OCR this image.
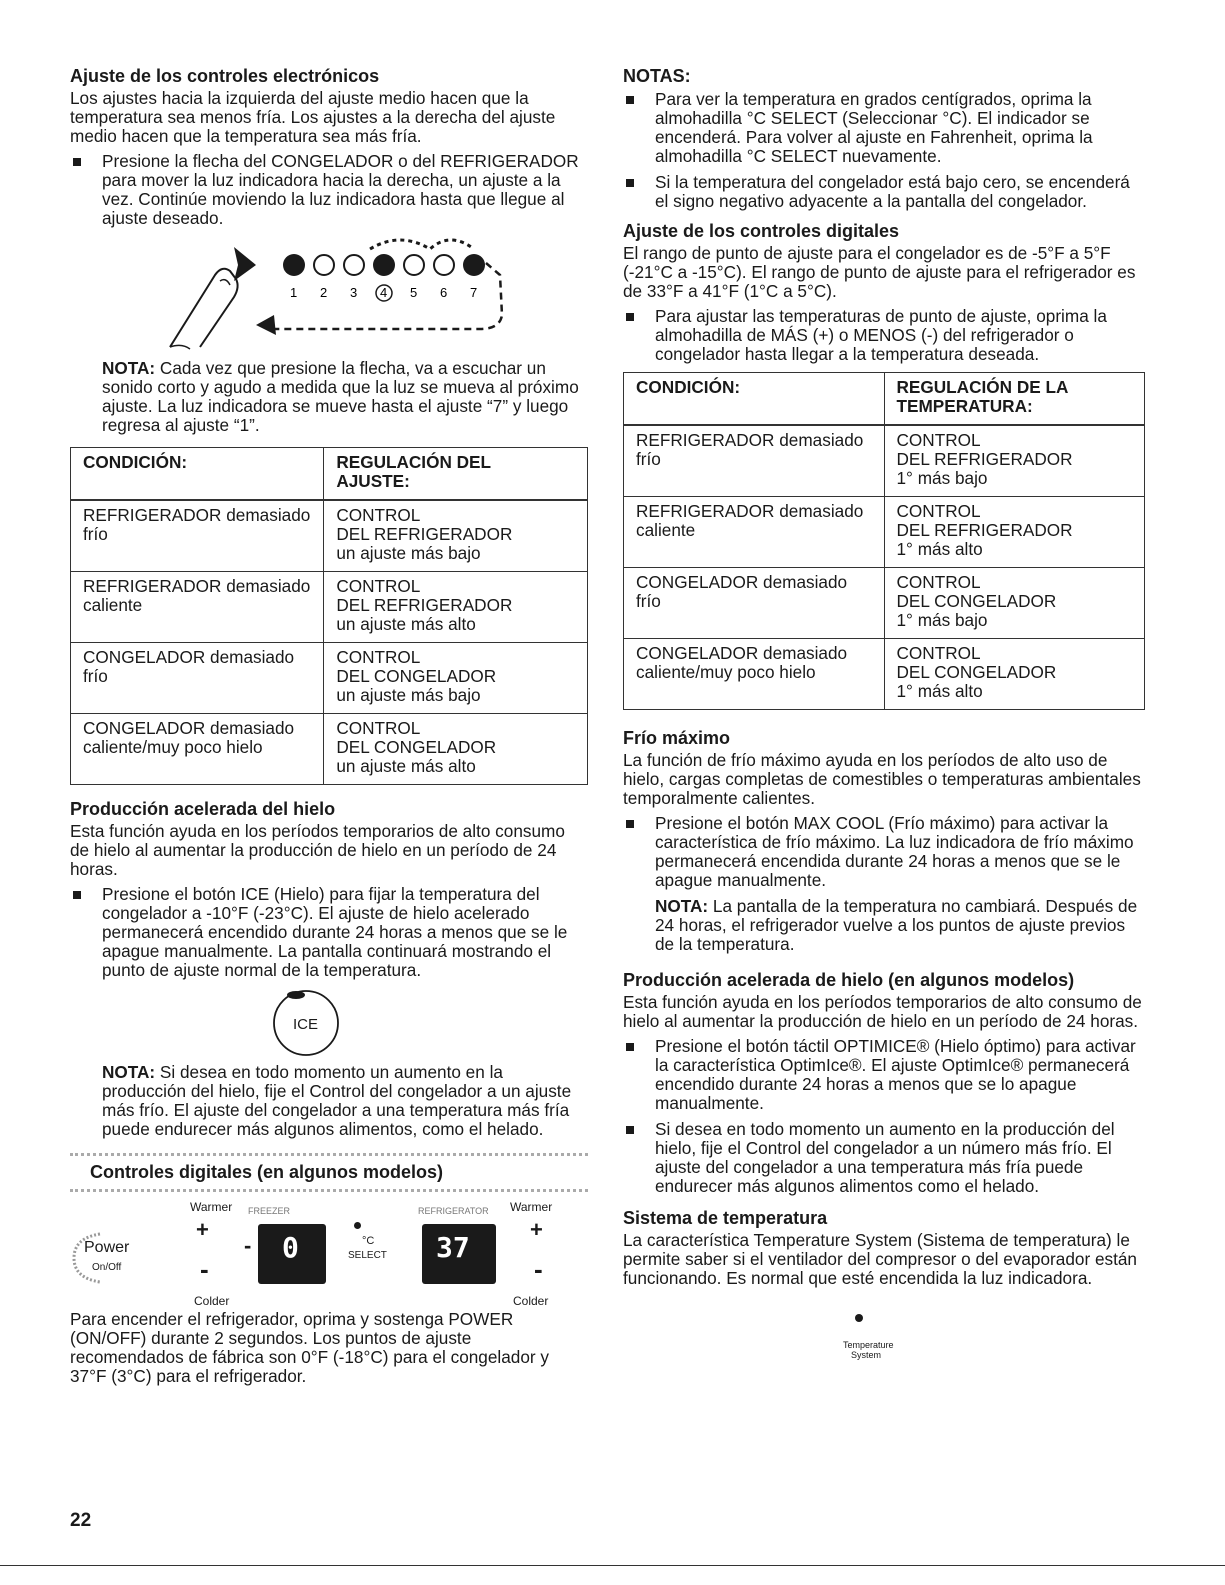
Ajuste de los controles electrónicos

Los ajustes hacia la izquierda del ajuste medio hacen que la temperatura sea menos fría. Los ajustes a la derecha del ajuste medio hacen que la temperatura sea más fría.

Presione la flecha del CONGELADOR o del REFRIGERADOR para mover la luz indicadora hacia la derecha, un ajuste a la vez. Continúe moviendo la luz indicadora hasta que llegue al ajuste deseado.
1 2 3 4 5 6 7

NOTA: Cada vez que presione la flecha, va a escuchar un sonido corto y agudo a medida que la luz se mueva al próximo ajuste. La luz indicadora se mueve hasta el ajuste “7” y luego regresa al ajuste “1”.

CONDICIÓN:	REGULACIÓN DEL
AJUSTE:

REFRIGERADOR demasiado
frío	CONTROL
DEL REFRIGERADOR
un ajuste más bajo

REFRIGERADOR demasiado
caliente	CONTROL
DEL REFRIGERADOR
un ajuste más alto

CONGELADOR demasiado frío	CONTROL
DEL CONGELADOR
un ajuste más bajo

CONGELADOR demasiado
caliente/muy poco hielo	CONTROL
DEL CONGELADOR
un ajuste más alto
Producción acelerada del hielo

Esta función ayuda en los períodos temporarios de alto consumo de hielo al aumentar la producción de hielo en un período de 24 horas.

Presione el botón ICE (Hielo) para fijar la temperatura del congelador a -10°F (-23°C). El ajuste de hielo acelerado permanecerá encendido durante 24 horas a menos que se le apague manualmente. La pantalla continuará mostrando el punto de ajuste normal de la temperatura.
ICE

NOTA: Si desea en todo momento un aumento en la producción del hielo, fije el Control del congelador a un ajuste más frío. El ajuste del congelador a una temperatura más fría puede endurecer más algunos alimentos, como el helado.

Controles digitales (en algunos modelos)
Warmer FREEZER	REFRIGERATOR Warmer
Power
On/Off
+
-
- 0	°C
SELECT 37
+
-
Colder	Colder

Para encender el refrigerador, oprima y sostenga POWER (ON/OFF) durante 2 segundos. Los puntos de ajuste recomendados de fábrica son 0°F (-18°C) para el congelador y 37°F (3°C) para el refrigerador.

NOTAS:
Para ver la temperatura en grados centígrados, oprima la almohadilla °C SELECT (Seleccionar °C). El indicador se encenderá. Para volver al ajuste en Fahrenheit, oprima la almohadilla °C SELECT nuevamente.
Si la temperatura del congelador está bajo cero, se encenderá el signo negativo adyacente a la pantalla del congelador.
Ajuste de los controles digitales

El rango de punto de ajuste para el congelador es de -5°F a 5°F (-21°C a -15°C). El rango de punto de ajuste para el refrigerador es de 33°F a 41°F (1°C a 5°C).

Para ajustar las temperaturas de punto de ajuste, oprima la almohadilla de MÁS (+) o MENOS (-) del refrigerador o congelador hasta llegar a la temperatura deseada.
CONDICIÓN:	REGULACIÓN DE LA
TEMPERATURA:

REFRIGERADOR demasiado frío	CONTROL
DEL REFRIGERADOR
1° más bajo

REFRIGERADOR demasiado
caliente	CONTROL
DEL REFRIGERADOR
1° más alto

CONGELADOR demasiado frío	CONTROL
DEL CONGELADOR
1° más bajo

CONGELADOR demasiado
caliente/muy poco hielo	CONTROL
DEL CONGELADOR
1° más alto
Frío máximo

La función de frío máximo ayuda en los períodos de alto uso de hielo, cargas completas de comestibles o temperaturas ambientales temporalmente calientes.

Presione el botón MAX COOL (Frío máximo) para activar la característica de frío máximo. La luz indicadora de frío máximo permanecerá encendida durante 24 horas a menos que se le apague manualmente.

NOTA: La pantalla de la temperatura no cambiará. Después de 24 horas, el refrigerador vuelve a los puntos de ajuste previos de la temperatura.

Producción acelerada de hielo (en algunos modelos)

Esta función ayuda en los períodos temporarios de alto consumo de hielo al aumentar la producción de hielo en un período de 24 horas.

Presione el botón táctil OPTIMICE® (Hielo óptimo) para activar la característica OptimIce®. El ajuste OptimIce® permanecerá encendido durante 24 horas a menos que se lo apague manualmente.
Si desea en todo momento un aumento en la producción del hielo, fije el Control del congelador a un número más frío. El ajuste del congelador a una temperatura más fría puede endurecer más algunos alimentos como el helado.
Sistema de temperatura

La característica Temperature System (Sistema de temperatura) le permite saber si el ventilador del compresor o del evaporador están funcionando. Es normal que esté encendida la luz indicadora.

Temperature
System
22
